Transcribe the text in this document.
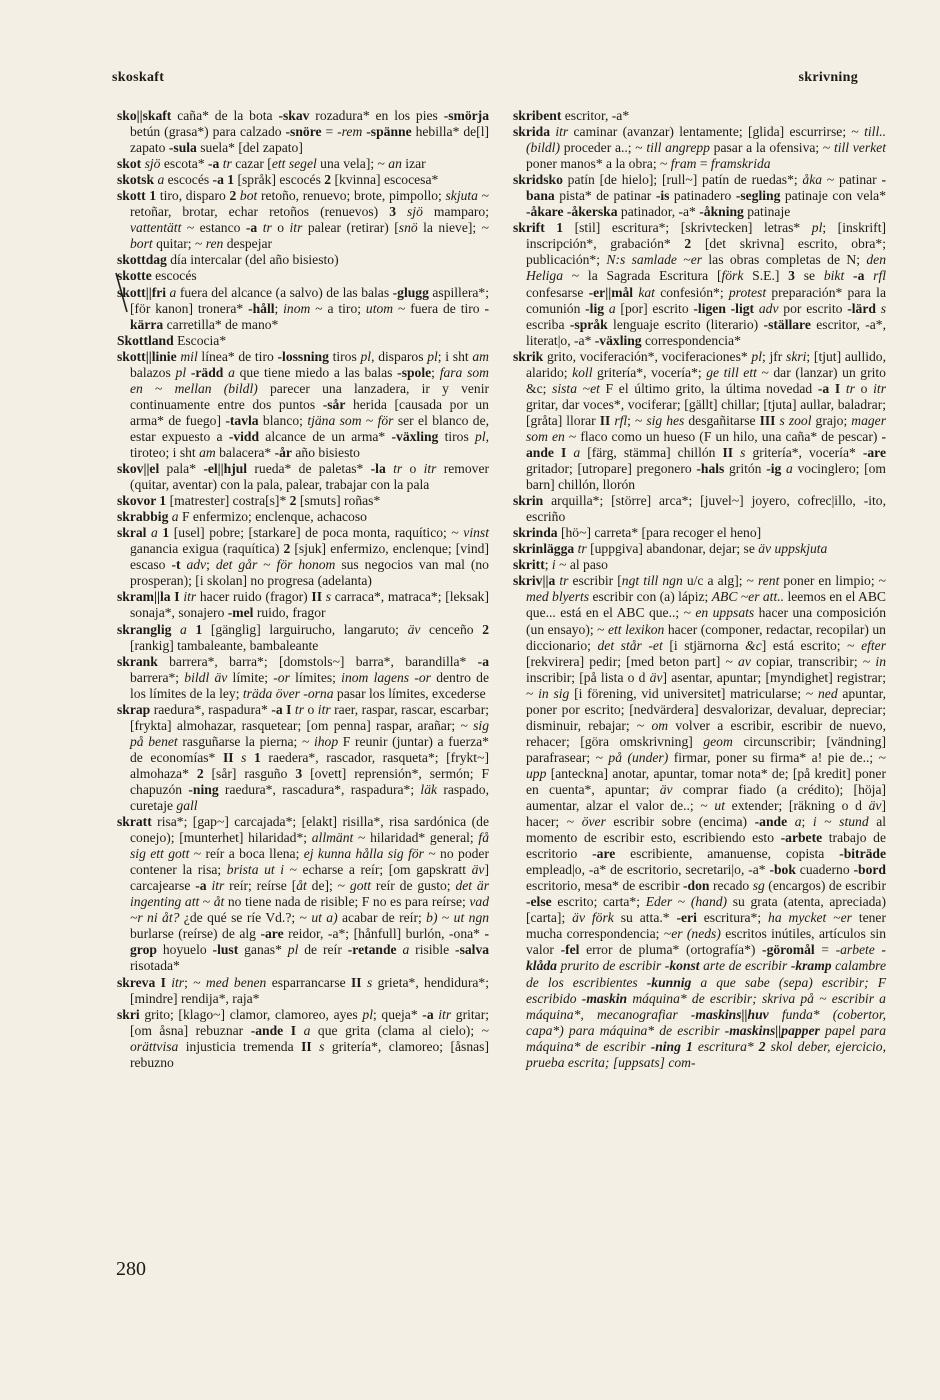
skoskaft	skrivning

sko||skaft caña* de la bota -skav rozadura* en los pies -smörja betún (grasa*) para calzado -snöre = -rem -spänne hebilla* de[l] zapato -sula suela* [del zapato]

skot sjö escota* -a tr cazar [ett segel una vela]; ~ an izar

skotsk a escocés -a 1 [språk] escocés 2 [kvinna] escocesa*

skott 1 tiro, disparo 2 bot retoño, renuevo; brote, pimpollo; skjuta ~ retoñar, brotar, echar retoños (renuevos) 3 sjö mamparo; vattentätt ~ estanco -a tr o itr palear (retirar) [snö la nieve]; ~ bort quitar; ~ ren despejar

skottdag día intercalar (del año bisiesto)

skotte escocés

skott||fri a fuera del alcance (a salvo) de las balas -glugg aspillera*; [för kanon] tronera* -håll; inom ~ a tiro; utom ~ fuera de tiro -kärra carretilla* de mano*

Skottland Escocia*

skott||linie mil línea* de tiro -lossning tiros pl, disparos pl; i sht am balazos pl -rädd a que tiene miedo a las balas -spole; fara som en ~ mellan (bildl) parecer una lanzadera, ir y venir continuamente entre dos puntos -sår herida [causada por un arma* de fuego] -tavla blanco; tjäna som ~ för ser el blanco de, estar expuesto a -vidd alcance de un arma* -växling tiros pl, tiroteo; i sht am balacera* -år año bisiesto

skov||el pala* -el||hjul rueda* de paletas* -la tr o itr remover (quitar, aventar) con la pala, palear, trabajar con la pala

skovor 1 [matrester] costra[s]* 2 [smuts] roñas*

skrabbig a F enfermizo; enclenque, achacoso

skral a 1 [usel] pobre; [starkare] de poca monta, raquítico; ~ vinst ganancia exigua (raquítica) 2 [sjuk] enfermizo, enclenque; [vind] escaso -t adv; det går ~ för honom sus negocios van mal (no prosperan); [i skolan] no progresa (adelanta)

skram||la I itr hacer ruido (fragor) II s carraca*, matraca*; [leksak] sonaja*, sonajero -mel ruido, fragor

skranglig a 1 [gänglig] larguirucho, langaruto; äv cenceño 2 [rankig] tambaleante, bambaleante

skrank barrera*, barra*; [domstols~] barra*, barandilla* -a barrera*; bildl äv límite; -or límites; inom lagens -or dentro de los límites de la ley; träda över -orna pasar los límites, excederse

skrap raedura*, raspadura* -a I tr o itr raer, raspar, rascar, escarbar; [frykta] almohazar, rasquetear; [om penna] raspar, arañar; ~ sig på benet rasguñarse la pierna; ~ ihop F reunir (juntar) a fuerza* de economías* II s 1 raedera*, rascador, rasqueta*; [frykt~] almohaza* 2 [sår] rasguño 3 [ovett] reprensión*, sermón; F chapuzón -ning raedura*, rascadura*, raspadura*; läk raspado, curetaje gall

skratt risa*; [gap~] carcajada*; [elakt] risilla*, risa sardónica (de conejo); [munterhet] hilaridad*; allmänt ~ hilaridad* general; få sig ett gott ~ reír a boca llena; ej kunna hålla sig för ~ no poder contener la risa; brista ut i ~ echarse a reír; [om gapskratt äv] carcajearse -a itr reír; reírse [åt de]; ~ gott reír de gusto; det är ingenting att ~ åt no tiene nada de risible; F no es para reírse; vad ~r ni åt? ¿de qué se ríe Vd.?; ~ ut a) acabar de reír; b) ~ ut ngn burlarse (reírse) de alg -are reidor, -a*; [hånfull] burlón, -ona* -grop hoyuelo -lust ganas* pl de reír -retande a risible -salva risotada*

skreva I itr; ~ med benen esparrancarse II s grieta*, hendidura*; [mindre] rendija*, raja*

skri grito; [klago~] clamor, clamoreo, ayes pl; queja* -a itr gritar; [om åsna] rebuznar -ande I a que grita (clama al cielo); ~ orättvisa injusticia tremenda II s gritería*, clamoreo; [åsnas] rebuzno

skribent escritor, -a*

skrida itr caminar (avanzar) lentamente; [glida] escurrirse; ~ till.. (bildl) proceder a..; ~ till angrepp pasar a la ofensiva; ~ till verket poner manos* a la obra; ~ fram = framskrida

skridsko patín [de hielo]; [rull~] patín de ruedas*; åka ~ patinar -bana pista* de patinar -is patinadero -segling patinaje con vela* -åkare -åkerska patinador, -a* -åkning patinaje

skrift 1 [stil] escritura*; [skrivtecken] letras* pl; [inskrift] inscripción*, grabación* 2 [det skrivna] escrito, obra*; publicación*; N:s samlade ~er las obras completas de N; den Heliga ~ la Sagrada Escritura [förk S.E.] 3 se bikt -a rfl confesarse -er||mål kat confesión*; protest preparación* para la comunión -lig a [por] escrito -ligen -ligt adv por escrito -lärd s escriba -språk lenguaje escrito (literario) -ställare escritor, -a*, literat|o, -a* -växling correspondencia*

skrik grito, vociferación*, vociferaciones* pl; jfr skri; [tjut] aullido, alarido; koll gritería*, vocería*; ge till ett ~ dar (lanzar) un grito &c; sista ~et F el último grito, la última novedad -a I tr o itr gritar, dar voces*, vociferar; [gällt] chillar; [tjuta] aullar, baladrar; [gråta] llorar II rfl; ~ sig hes desgañitarse III s zool grajo; mager som en ~ flaco como un hueso (F un hilo, una caña* de pescar) -ande I a [färg, stämma] chillón II s gritería*, vocería* -are gritador; [utropare] pregonero -hals gritón -ig a vocinglero; [om barn] chillón, llorón

skrin arquilla*; [större] arca*; [juvel~] joyero, cofrec|illo, -ito, escriño

skrinda [hö~] carreta* [para recoger el heno]

skrinlägga tr [uppgiva] abandonar, dejar; se äv uppskjuta

skritt; i ~ al paso

skriv||a tr escribir [ngt till ngn u/c a alg]; ~ rent poner en limpio; ~ med blyerts escribir con (a) lápiz; ABC ~er att.. leemos en el ABC que... está en el ABC que..; ~ en uppsats hacer una composición (un ensayo); ~ ett lexikon hacer (componer, redactar, recopilar) un diccionario; det står -et [i stjärnorna &c] está escrito; ~ efter [rekvirera] pedir; [med beton part] ~ av copiar, transcribir; ~ in inscribir; [på lista o d äv] asentar, apuntar; [myndighet] registrar; ~ in sig [i förening, vid universitet] matricularse; ~ ned apuntar, poner por escrito; [nedvärdera] desvalorizar, devaluar, depreciar; disminuir, rebajar; ~ om volver a escribir, escribir de nuevo, rehacer; [göra omskrivning] geom circunscribir; [vändning] parafrasear; ~ på (under) firmar, poner su firma* a! pie de..; ~ upp [anteckna] anotar, apuntar, tomar nota* de; [på kredit] poner en cuenta*, apuntar; äv comprar fiado (a crédito); [höja] aumentar, alzar el valor de..; ~ ut extender; [räkning o d äv] hacer; ~ över escribir sobre (encima) -ande a; i ~ stund al momento de escribir esto, escribiendo esto -arbete trabajo de escritorio -are escribiente, amanuense, copista -biträde emplead|o, -a* de escritorio, secretari|o, -a* -bok cuaderno -bord escritorio, mesa* de escribir -don recado sg (encargos) de escribir -else escrito; carta*; Eder ~ (hand) su grata (atenta, apreciada) [carta]; äv förk su atta.* -eri escritura*; ha mycket ~er tener mucha correspondencia; ~er (neds) escritos inútiles, artículos sin valor -fel error de pluma* (ortografía*) -göromål = -arbete -klåda prurito de escribir -konst arte de escribir -kramp calambre de los escribientes -kunnig a que sabe (sepa) escribir; F escribido -maskin máquina* de escribir; skriva på ~ escribir a máquina*, mecanografiar -maskins||huv funda* (cobertor, capa*) para máquina* de escribir -maskins||papper papel para máquina* de escribir -ning 1 escritura* 2 skol deber, ejercicio, prueba escrita; [uppsats] com-

280
